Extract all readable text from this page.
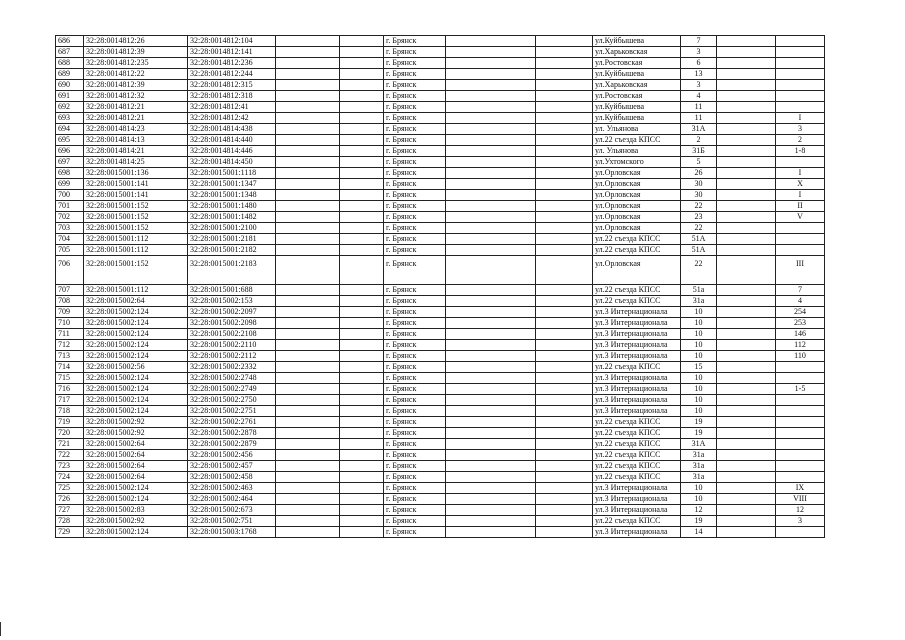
686	32:28:0014812:26	32:28:0014812:104			г. Брянск			ул.Куйбышева	7		
687	32:28:0014812:39	32:28:0014812:141			г. Брянск			ул.Харьковская	3		
688	32:28:0014812:235	32:28:0014812:236			г. Брянск			ул.Ростовская	6		
689	32:28:0014812:22	32:28:0014812:244			г. Брянск			ул.Куйбышева	13		
690	32:28:0014812:39	32:28:0014812:315			г. Брянск			ул.Харьковская	3		
691	32:28:0014812:32	32:28:0014812:318			г. Брянск			ул.Ростовская	4		
692	32:28:0014812:21	32:28:0014812:41			г. Брянск			ул.Куйбышева	11		
693	32:28:0014812:21	32:28:0014812:42			г. Брянск			ул.Куйбышева	11		I
694	32:28:0014814:23	32:28:0014814:438			г. Брянск			ул. Ульянова	31А		3
695	32:28:0014814:13	32:28:0014814:440			г. Брянск			ул.22 съезда КПСС	2		2
696	32:28:0014814:21	32:28:0014814:446			г. Брянск			ул. Ульянова	31Б		1-8
697	32:28:0014814:25	32:28:0014814:450			г. Брянск			ул.Ухтомского	5		
698	32:28:0015001:136	32:28:0015001:1118			г. Брянск			ул.Орловская	26		I
699	32:28:0015001:141	32:28:0015001:1347			г. Брянск			ул.Орловская	30		X
700	32:28:0015001:141	32:28:0015001:1348			г. Брянск			ул.Орловская	30		I
701	32:28:0015001:152	32:28:0015001:1480			г. Брянск			ул.Орловская	22		II
702	32:28:0015001:152	32:28:0015001:1482			г. Брянск			ул.Орловская	23		V
703	32:28:0015001:152	32:28:0015001:2100			г. Брянск			ул.Орловская	22		
704	32:28:0015001:112	32:28:0015001:2181			г. Брянск			ул.22 съезда КПСС	51А		
705	32:28:0015001:112	32:28:0015001:2182			г. Брянск			ул.22 съезда КПСС	51А		
706	32:28:0015001:152	32:28:0015001:2183			г. Брянск			ул.Орловская	22		III
707	32:28:0015001:112	32:28:0015001:688			г. Брянск			ул.22 съезда КПСС	51а		7
708	32:28:0015002:64	32:28:0015002:153			г. Брянск			ул.22 съезда КПСС	31а		4
709	32:28:0015002:124	32:28:0015002:2097			г. Брянск			ул.3 Интернационала	10		254
710	32:28:0015002:124	32:28:0015002:2098			г. Брянск			ул.3 Интернационала	10		253
711	32:28:0015002:124	32:28:0015002:2108			г. Брянск			ул.3 Интернационала	10		146
712	32:28:0015002:124	32:28:0015002:2110			г. Брянск			ул.3 Интернационала	10		112
713	32:28:0015002:124	32:28:0015002:2112			г. Брянск			ул.3 Интернационала	10		110
714	32:28:0015002:56	32:28:0015002:2332			г. Брянск			ул.22 съезда КПСС	15		
715	32:28:0015002:124	32:28:0015002:2748			г. Брянск			ул.3 Интернационала	10		
716	32:28:0015002:124	32:28:0015002:2749			г. Брянск			ул.3 Интернационала	10		1-5
717	32:28:0015002:124	32:28:0015002:2750			г. Брянск			ул.3 Интернационала	10		
718	32:28:0015002:124	32:28:0015002:2751			г. Брянск			ул.3 Интернационала	10		
719	32:28:0015002:92	32:28:0015002:2761			г. Брянск			ул.22 съезда КПСС	19		
720	32:28:0015002:92	32:28:0015002:2878			г. Брянск			ул.22 съезда КПСС	19		
721	32:28:0015002:64	32:28:0015002:2879			г. Брянск			ул.22 съезда КПСС	31А		
722	32:28:0015002:64	32:28:0015002:456			г. Брянск			ул.22 съезда КПСС	31а		
723	32:28:0015002:64	32:28:0015002:457			г. Брянск			ул.22 съезда КПСС	31а		
724	32:28:0015002:64	32:28:0015002:458			г. Брянск			ул.22 съезда КПСС	31а		
725	32:28:0015002:124	32:28:0015002:463			г. Брянск			ул.3 Интернационала	10		IX
726	32:28:0015002:124	32:28:0015002:464			г. Брянск			ул.3 Интернационала	10		VIII
727	32:28:0015002:83	32:28:0015002:673			г. Брянск			ул.3 Интернационала	12		12
728	32:28:0015002:92	32:28:0015002:751			г. Брянск			ул.22 съезда КПСС	19		3
729	32:28:0015002:124	32:28:0015003:1768			г. Брянск			ул.3 Интернационала	14		
